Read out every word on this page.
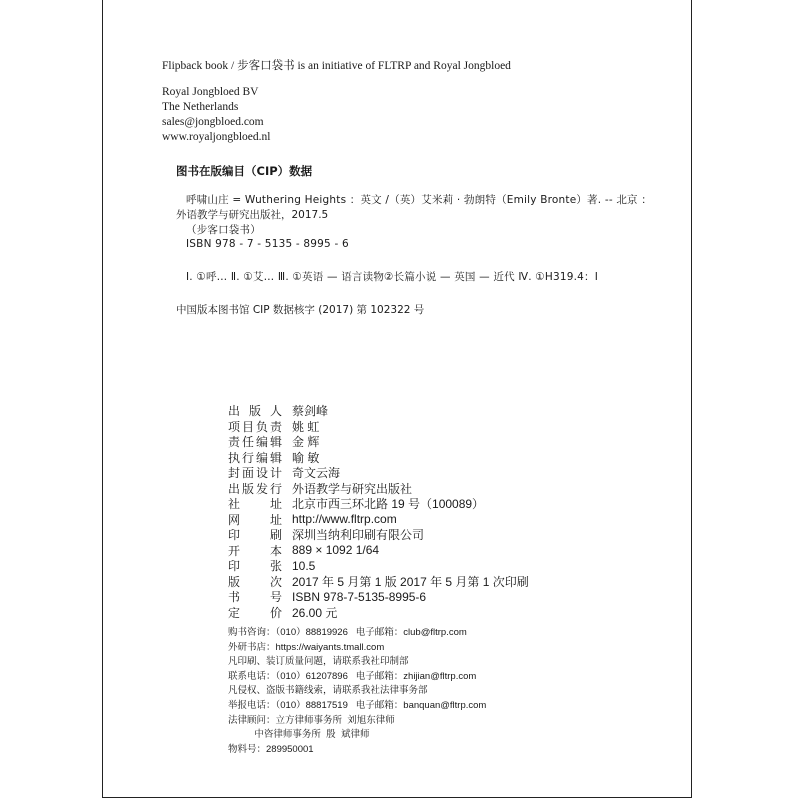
Flipback book / 步客口袋书 is an initiative of FLTRP and Royal Jongbloed
Royal Jongbloed BV
The Netherlands
sales@jongbloed.com
www.royaljongbloed.nl
图书在版编目（CIP）数据
呼啸山庄 = Wuthering Heights ：英文 /（英）艾米莉 · 勃朗特（Emily Bronte）著. -- 北京 ：
外语教学与研究出版社，2017.5
（步客口袋书）
ISBN 978 - 7 - 5135 - 8995 - 6
Ⅰ. ①呼… Ⅱ. ①艾… Ⅲ. ①英语 — 语言读物②长篇小说 — 英国 — 近代 Ⅳ. ①H319.4：I
中国版本图书馆 CIP 数据核字 (2017) 第 102322 号
出 版 人 蔡剑峰
项 目 负 责 姚 虹
责 任 编 辑 金 辉
执 行 编 辑 喻 敏
封 面 设 计 奇文云海
出 版 发 行 外语教学与研究出版社
社 址 北京市西三环北路 19 号（100089）
网 址 http://www.fltrp.com
印 刷 深圳当纳利印刷有限公司
开 本 889 × 1092 1/64
印 张 10.5
版 次 2017 年 5 月第 1 版 2017 年 5 月第 1 次印刷
书 号 ISBN 978-7-5135-8995-6
定 价 26.00 元
购书咨询：（010）88819926   电子邮箱：club@fltrp.com
外研书店：https://waiyants.tmall.com
凡印刷、装订质量问题，请联系我社印制部
联系电话：（010）61207896   电子邮箱：zhijian@fltrp.com
凡侵权、盗版书籍线索，请联系我社法律事务部
举报电话：（010）88817519   电子邮箱：banquan@fltrp.com
法律顾问：立方律师事务所  刘旭东律师
中咨律师事务所  殷  斌律师
物料号：289950001
